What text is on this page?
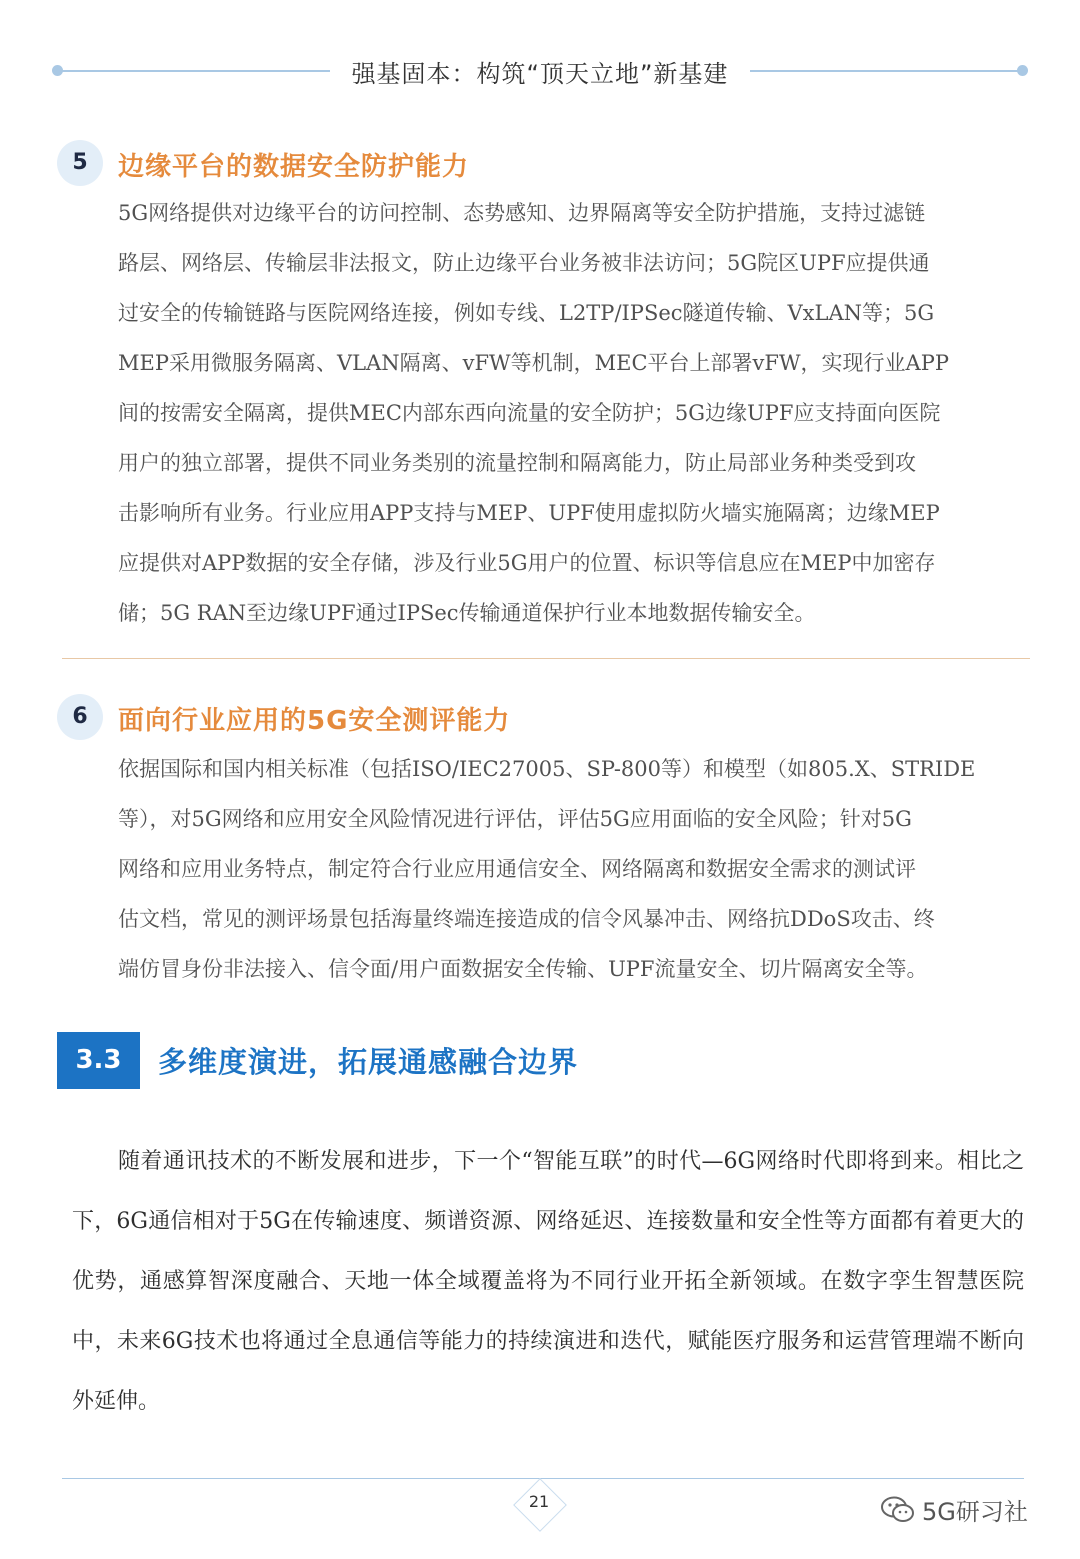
强基固本：构筑“顶天立地”新基建
5	边缘平台的数据安全防护能力
5G网络提供对边缘平台的访问控制、态势感知、边界隔离等安全防护措施，支持过滤链
路层、网络层、传输层非法报文，防止边缘平台业务被非法访问；5G院区UPF应提供通
过安全的传输链路与医院网络连接，例如专线、L2TP/IPSec隧道传输、VxLAN等；5G
MEP采用微服务隔离、VLAN隔离、vFW等机制，MEC平台上部署vFW，实现行业APP
间的按需安全隔离，提供MEC内部东西向流量的安全防护；5G边缘UPF应支持面向医院
用户的独立部署，提供不同业务类别的流量控制和隔离能力，防止局部业务种类受到攻
击影响所有业务。行业应用APP支持与MEP、UPF使用虚拟防火墙实施隔离；边缘MEP
应提供对APP数据的安全存储，涉及行业5G用户的位置、标识等信息应在MEP中加密存
储；5G RAN至边缘UPF通过IPSec传输通道保护行业本地数据传输安全。
6	面向行业应用的5G安全测评能力
依据国际和国内相关标准（包括ISO/IEC27005、SP-800等）和模型（如805.X、STRIDE
等），对5G网络和应用安全风险情况进行评估，评估5G应用面临的安全风险；针对5G
网络和应用业务特点，制定符合行业应用通信安全、网络隔离和数据安全需求的测试评
估文档，常见的测评场景包括海量终端连接造成的信令风暴冲击、网络抗DDoS攻击、终
端仿冒身份非法接入、信令面/用户面数据安全传输、UPF流量安全、切片隔离安全等。
3.3	多维度演进，拓展通感融合边界

随着通讯技术的不断发展和进步，下一个“智能互联”的时代—6G网络时代即将到来。相比之下，6G通信相对于5G在传输速度、频谱资源、网络延迟、连接数量和安全性等方面都有着更大的优势，通感算智深度融合、天地一体全域覆盖将为不同行业开拓全新领域。在数字孪生智慧医院中，未来6G技术也将通过全息通信等能力的持续演进和迭代，赋能医疗服务和运营管理端不断向外延伸。

21	5G研习社
